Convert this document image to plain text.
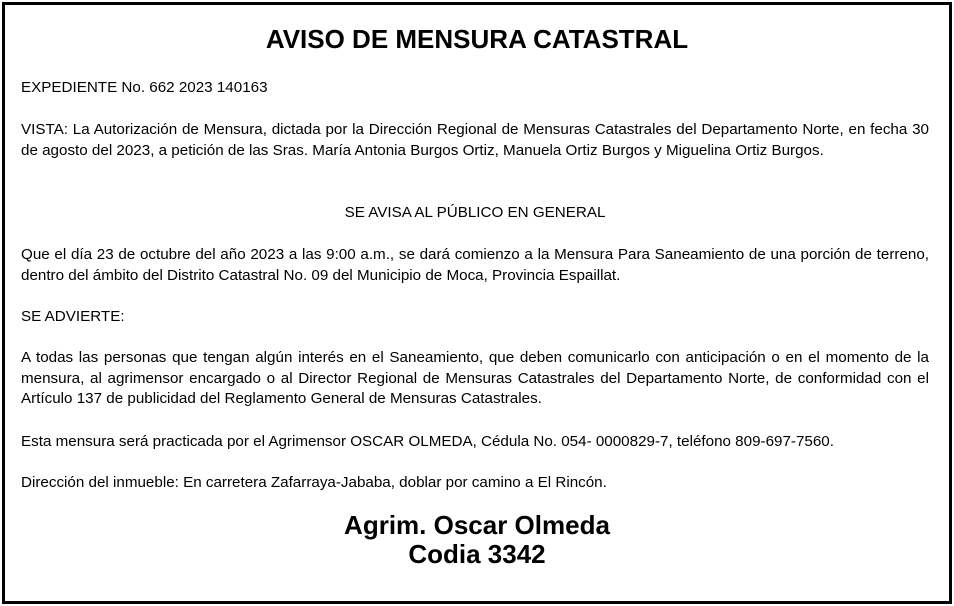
AVISO DE MENSURA CATASTRAL

EXPEDIENTE No. 662 2023 140163

VISTA: La Autorización de Mensura, dictada por la Dirección Regional de Mensuras Catastrales del Departamento Norte, en fecha 30 de agosto del 2023, a petición de las Sras. María Antonia Burgos Ortiz, Manuela Ortiz Burgos y Miguelina Ortiz Burgos.

SE AVISA AL PÚBLICO EN GENERAL

Que el día 23 de octubre del año 2023 a las 9:00 a.m., se dará comienzo a la Mensura Para Saneamiento de una porción de terreno, dentro del ámbito del Distrito Catastral No. 09 del Municipio de Moca, Provincia Espaillat.

SE ADVIERTE:

A todas las personas que tengan algún interés en el Saneamiento, que deben comunicarlo con anticipación o en el momento de la mensura, al agrimensor encargado o al Director Regional de Mensuras Catastrales del Departamento Norte, de conformidad con el Artículo 137 de publicidad del Reglamento General de Mensuras Catastrales.

Esta mensura será practicada por el Agrimensor OSCAR OLMEDA, Cédula No. 054- 0000829-7, teléfono 809-697-7560.

Dirección del inmueble: En carretera Zafarraya-Jababa, doblar por camino a El Rincón.

Agrim. Oscar Olmeda
Codia 3342
